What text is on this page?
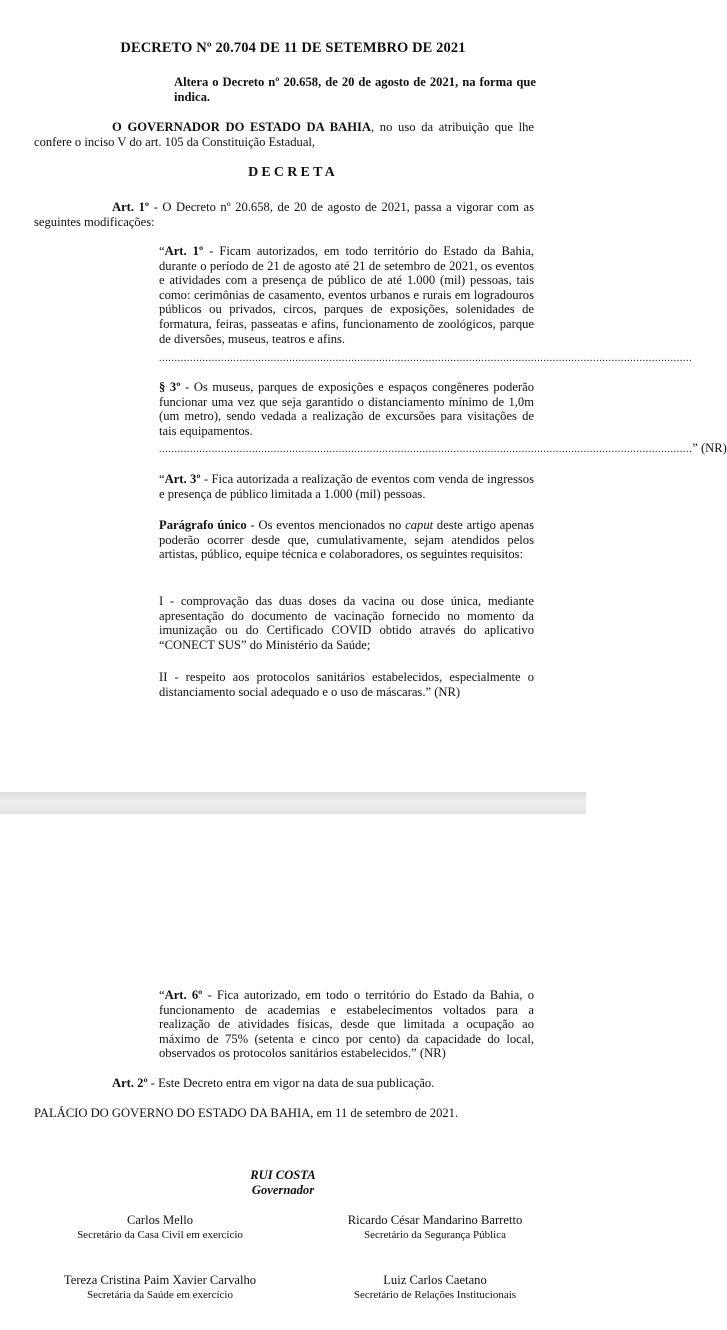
DECRETO Nº 20.704 DE 11 DE SETEMBRO DE 2021
Altera o Decreto nº 20.658, de 20 de agosto de 2021, na forma que indica.
O GOVERNADOR DO ESTADO DA BAHIA, no uso da atribuição que lhe confere o inciso V do art. 105 da Constituição Estadual,
DECRETA
Art. 1º - O Decreto nº 20.658, de 20 de agosto de 2021, passa a vigorar com as seguintes modificações:
“Art. 1º - Ficam autorizados, em todo território do Estado da Bahia, durante o período de 21 de agosto até 21 de setembro de 2021, os eventos e atividades com a presença de público de até 1.000 (mil) pessoas, tais como: cerimônias de casamento, eventos urbanos e rurais em logradouros públicos ou privados, circos, parques de exposições, solenidades de formatura, feiras, passeatas e afins, funcionamento de zoológicos, parque de diversões, museus, teatros e afins.
............................................................................................................................................................................
§ 3º - Os museus, parques de exposições e espaços congêneres poderão funcionar uma vez que seja garantido o distanciamento mínimo de 1,0m (um metro), sendo vedada a realização de excursões para visitações de tais equipamentos.
............................................................................................................................................................................ ” (NR)
“Art. 3º - Fica autorizada a realização de eventos com venda de ingressos e presença de público limitada a 1.000 (mil) pessoas.
Parágrafo único - Os eventos mencionados no caput deste artigo apenas poderão ocorrer desde que, cumulativamente, sejam atendidos pelos artistas, público, equipe técnica e colaboradores, os seguintes requisitos:
I - comprovação das duas doses da vacina ou dose única, mediante apresentação do documento de vacinação fornecido no momento da imunização ou do Certificado COVID obtido através do aplicativo “CONECT SUS” do Ministério da Saúde;
II - respeito aos protocolos sanitários estabelecidos, especialmente o distanciamento social adequado e o uso de máscaras.” (NR)
“Art. 6º - Fica autorizado, em todo o território do Estado da Bahia, o funcionamento de academias e estabelecimentos voltados para a realização de atividades físicas, desde que limitada a ocupação ao máximo de 75% (setenta e cinco por cento) da capacidade do local, observados os protocolos sanitários estabelecidos.” (NR)
Art. 2º - Este Decreto entra em vigor na data de sua publicação.
PALÁCIO DO GOVERNO DO ESTADO DA BAHIA, em 11 de setembro de 2021.
RUI COSTA
Governador
Carlos Mello
Secretário da Casa Civil em exercício
Ricardo César Mandarino Barretto
Secretário da Segurança Pública
Tereza Cristina Paim Xavier Carvalho
Secretária da Saúde em exercício
Luiz Carlos Caetano
Secretário de Relações Institucionais
